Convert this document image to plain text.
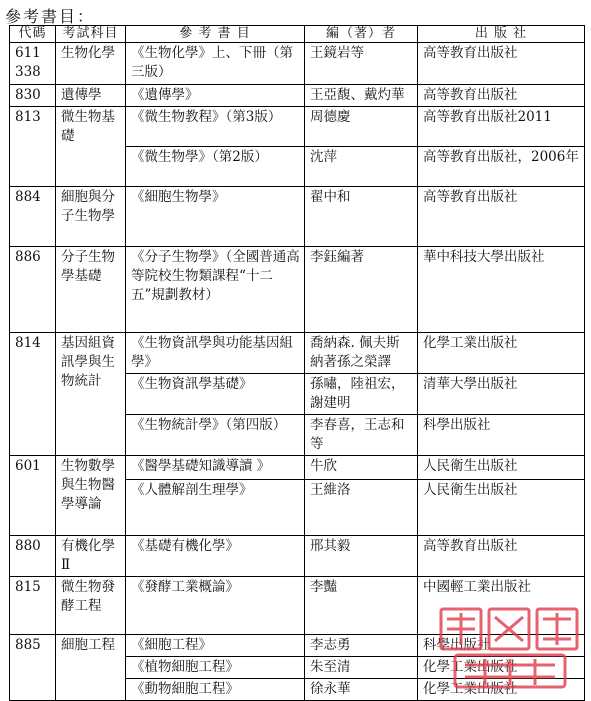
參考書目：
代碼	考試科目	參 考 書 目	編（著）者	出 版 社
611 338	生物化學	《生物化學》上、下冊（第三版）	王鏡岩等	高等教育出版社
830	遺傳學	《遺傳學》	王亞馥、戴灼華	高等教育出版社
813	微生物基礎	《微生物教程》（第3版）	周德慶	高等教育出版社2011
		《微生物學》（第2版）	沈萍	高等教育出版社，2006年
884	細胞與分子生物學	《細胞生物學》	翟中和	高等教育出版社
886	分子生物學基礎	《分子生物學》（全國普通高等院校生物類課程“十二五”規劃教材）	李鈺編著	華中科技大學出版社
814	基因組資訊學與生物統計	《生物資訊學與功能基因組學》	喬納森. 佩夫斯納著孫之榮譯	化學工業出版社
		《生物資訊學基礎》	孫嘯，陸祖宏，謝建明	清華大學出版社
		《生物統計學》（第四版）	李春喜，王志和等	科學出版社
601	生物數學與生物醫學導論	《醫學基礎知識導讀 》	牛欣	人民衛生出版社
		《人體解剖生理學》	王維洛	人民衛生出版社
880	有機化學Ⅱ	《基礎有機化學》	邢其毅	高等教育出版社
815	微生物發酵工程	《發酵工業概論》	李豔	中國輕工業出版社
885	細胞工程	《細胞工程》	李志勇	科學出版社
		《植物細胞工程》	朱至清	化學工業出版社
		《動物細胞工程》	徐永華	化學工業出版社
